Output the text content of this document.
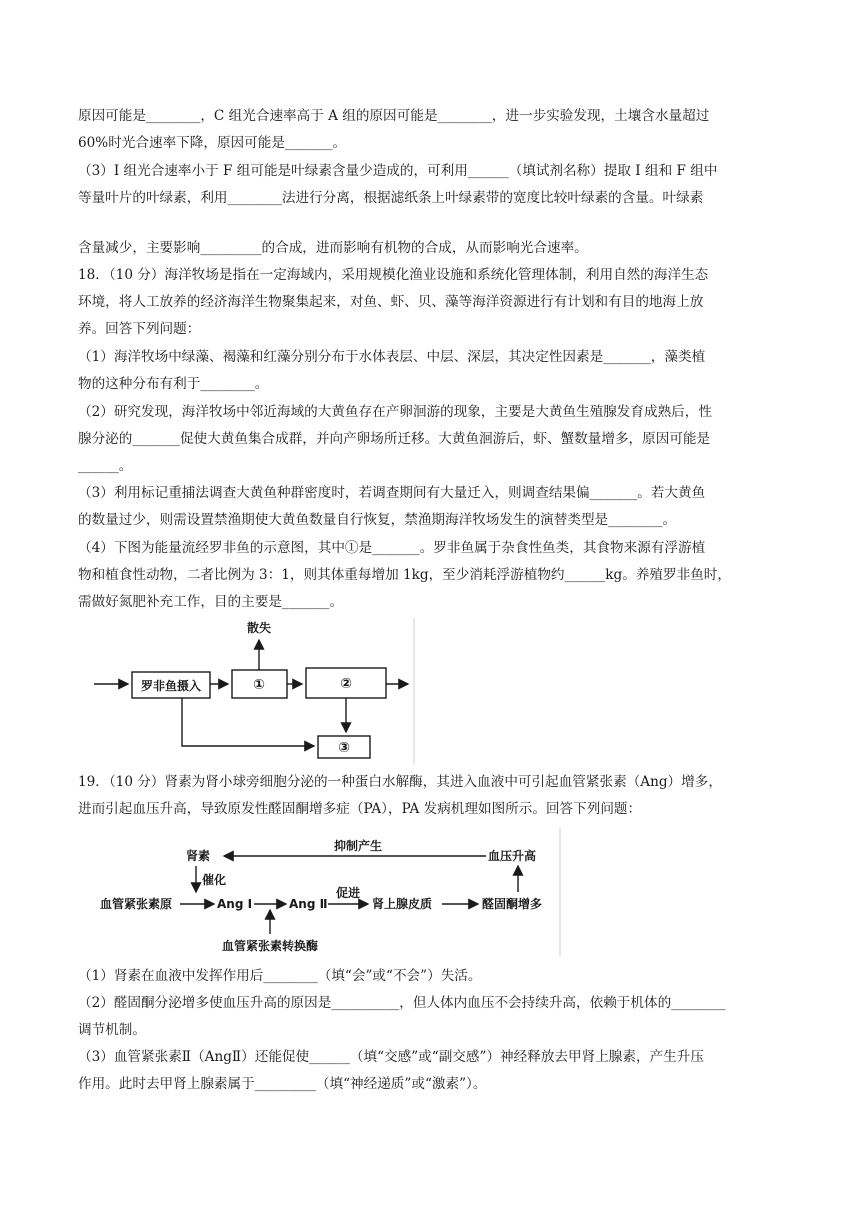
原因可能是________，C 组光合速率高于 A 组的原因可能是________，进一步实验发现，土壤含水量超过
60%时光合速率下降，原因可能是_______。
（3）I 组光合速率小于 F 组可能是叶绿素含量少造成的，可利用______（填试剂名称）提取 I 组和 F 组中
等量叶片的叶绿素，利用________法进行分离，根据滤纸条上叶绿素带的宽度比较叶绿素的含量。叶绿素
含量减少，主要影响_________的合成，进而影响有机物的合成，从而影响光合速率。
18．（10 分）海洋牧场是指在一定海域内，采用规模化渔业设施和系统化管理体制，利用自然的海洋生态
环境，将人工放养的经济海洋生物聚集起来，对鱼、虾、贝、藻等海洋资源进行有计划和有目的地海上放
养。回答下列问题：
（1）海洋牧场中绿藻、褐藻和红藻分别分布于水体表层、中层、深层，其决定性因素是_______，藻类植
物的这种分布有利于________。
（2）研究发现，海洋牧场中邻近海域的大黄鱼存在产卵洄游的现象，主要是大黄鱼生殖腺发育成熟后，性
腺分泌的_______促使大黄鱼集合成群，并向产卵场所迁移。大黄鱼洄游后，虾、蟹数量增多，原因可能是
______。
（3）利用标记重捕法调查大黄鱼种群密度时，若调查期间有大量迁入，则调查结果偏_______。若大黄鱼
的数量过少，则需设置禁渔期使大黄鱼数量自行恢复，禁渔期海洋牧场发生的演替类型是________。
（4）下图为能量流经罗非鱼的示意图，其中①是_______。罗非鱼属于杂食性鱼类，其食物来源有浮游植
物和植食性动物，二者比例为 3：1，则其体重每增加 1kg，至少消耗浮游植物约______kg。养殖罗非鱼时，
需做好氮肥补充工作，目的主要是_______。
罗非鱼摄入	①
散失
②
③
19．（10 分）肾素为肾小球旁细胞分泌的一种蛋白水解酶，其进入血液中可引起血管紧张素（Ang）增多，
进而引起血压升高，导致原发性醛固酮增多症（PA），PA 发病机理如图所示。回答下列问题：
肾素
抑制产生
血压升高
催化
血管紧张素原	Ang Ⅰ	Ang Ⅱ
促进
肾上腺皮质	醛固酮增多
血管紧张素转换酶
（1）肾素在血液中发挥作用后________（填“会”或“不会”）失活。
（2）醛固酮分泌增多使血压升高的原因是__________，但人体内血压不会持续升高，依赖于机体的________
调节机制。
（3）血管紧张素Ⅱ（AngⅡ）还能促使______（填“交感”或“副交感”）神经释放去甲肾上腺素，产生升压
作用。此时去甲肾上腺素属于_________（填“神经递质”或“激素”）。
